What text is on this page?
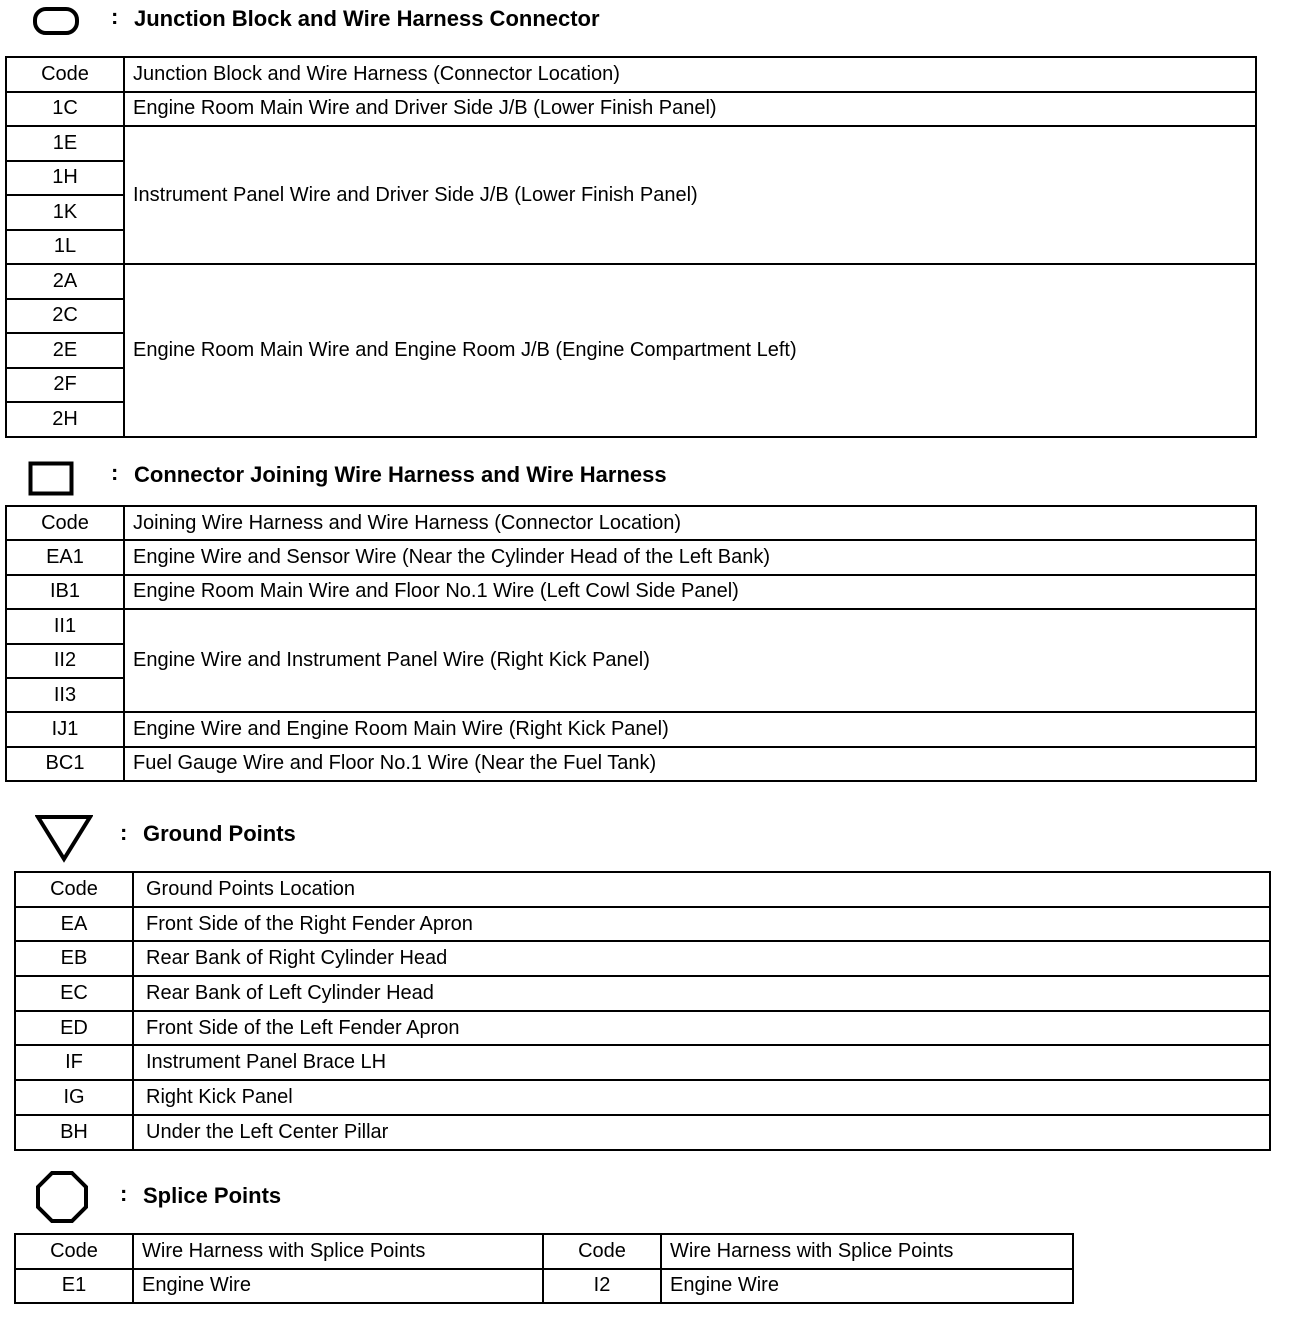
: Junction Block and Wire Harness Connector
Code	Junction Block and Wire Harness (Connector Location)
1C	Engine Room Main Wire and Driver Side J/B (Lower Finish Panel)
1E	Instrument Panel Wire and Driver Side J/B (Lower Finish Panel)
1H	
1K	
1L	
2A	Engine Room Main Wire and Engine Room J/B (Engine Compartment Left)
2C	
2E	
2F	
2H	
: Connector Joining Wire Harness and Wire Harness
Code	Joining Wire Harness and Wire Harness (Connector Location)
EA1	Engine Wire and Sensor Wire (Near the Cylinder Head of the Left Bank)
IB1	Engine Room Main Wire and Floor No.1 Wire (Left Cowl Side Panel)
II1	Engine Wire and Instrument Panel Wire (Right Kick Panel)
II2	
II3	
IJ1	Engine Wire and Engine Room Main Wire (Right Kick Panel)
BC1	Fuel Gauge Wire and Floor No.1 Wire (Near the Fuel Tank)
: Ground Points
Code	Ground Points Location
EA	Front Side of the Right Fender Apron
EB	Rear Bank of Right Cylinder Head
EC	Rear Bank of Left Cylinder Head
ED	Front Side of the Left Fender Apron
IF	Instrument Panel Brace LH
IG	Right Kick Panel
BH	Under the Left Center Pillar
: Splice Points
Code	Wire Harness with Splice Points	Code	Wire Harness with Splice Points
E1	Engine Wire	I2	Engine Wire
